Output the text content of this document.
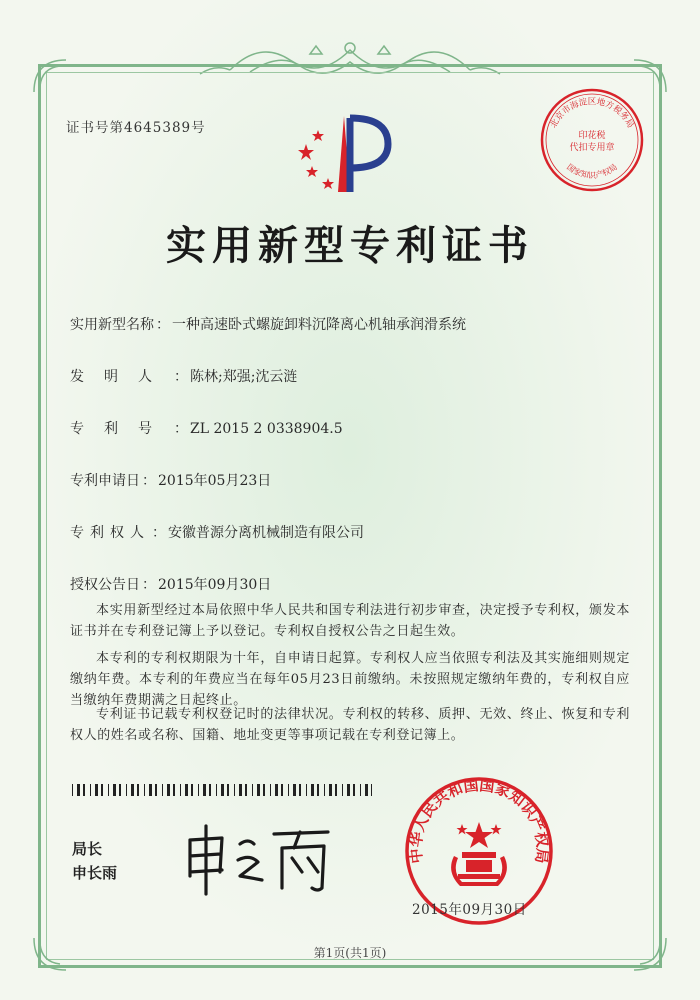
证书号第4645389号	北京市海淀区地方税务局
印花税
代扣专用章
国家知识产权局
实用新型专利证书
实用新型名称 ： 一种高速卧式螺旋卸料沉降离心机轴承润滑系统
发明人 ： 陈林;郑强;沈云涟
专利号 ： ZL 2015 2 0338904.5
专利申请日 ： 2015年05月23日
专利权人 ： 安徽普源分离机械制造有限公司
授权公告日 ： 2015年09月30日
本实用新型经过本局依照中华人民共和国专利法进行初步审查，决定授予专利权，颁发本证书并在专利登记簿上予以登记。专利权自授权公告之日起生效。
本专利的专利权期限为十年，自申请日起算。专利权人应当依照专利法及其实施细则规定缴纳年费。本专利的年费应当在每年05月23日前缴纳。未按照规定缴纳年费的，专利权自应当缴纳年费期满之日起终止。
专利证书记载专利权登记时的法律状况。专利权的转移、质押、无效、终止、恢复和专利权人的姓名或名称、国籍、地址变更等事项记载在专利登记簿上。
局长
申长雨
中华人民共和国国家知识产权局
2015年09月30日
第1页(共1页)
